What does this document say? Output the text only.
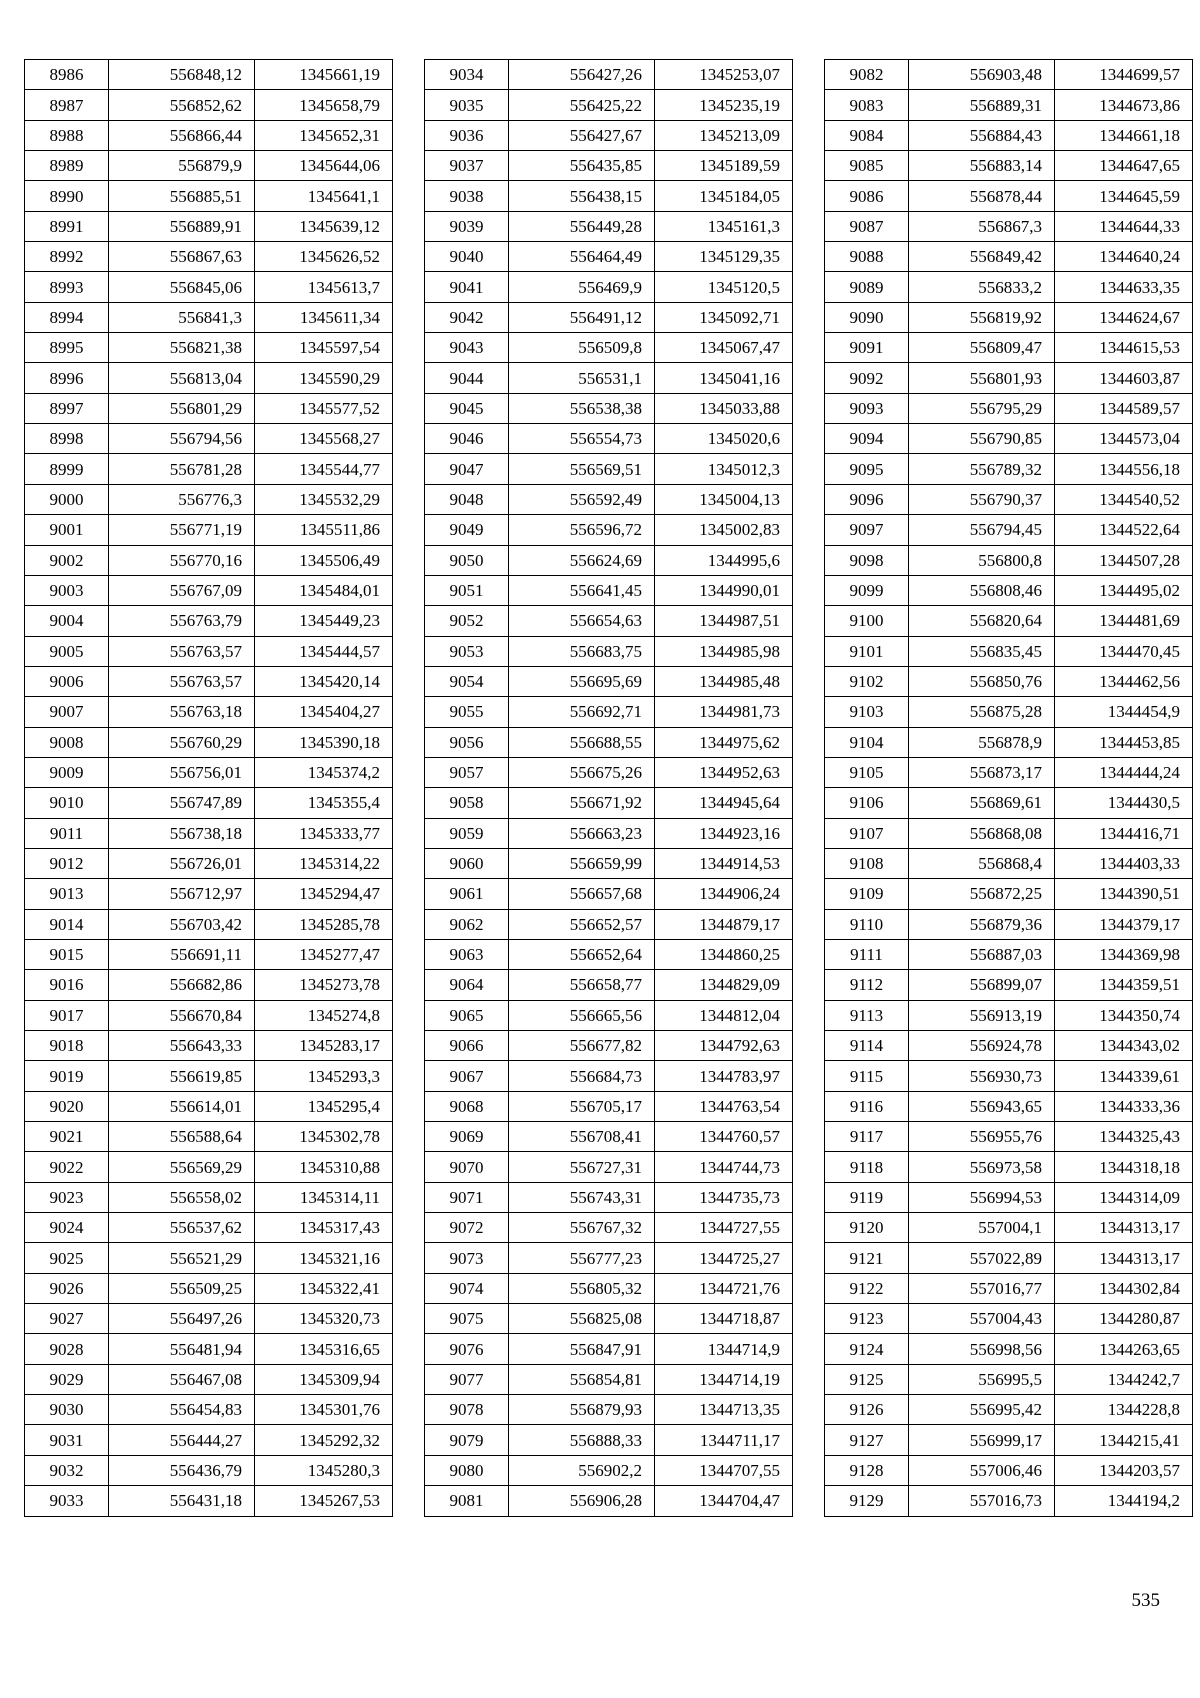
8986	556848,12	1345661,19
8987	556852,62	1345658,79
8988	556866,44	1345652,31
8989	556879,9	1345644,06
8990	556885,51	1345641,1
8991	556889,91	1345639,12
8992	556867,63	1345626,52
8993	556845,06	1345613,7
8994	556841,3	1345611,34
8995	556821,38	1345597,54
8996	556813,04	1345590,29
8997	556801,29	1345577,52
8998	556794,56	1345568,27
8999	556781,28	1345544,77
9000	556776,3	1345532,29
9001	556771,19	1345511,86
9002	556770,16	1345506,49
9003	556767,09	1345484,01
9004	556763,79	1345449,23
9005	556763,57	1345444,57
9006	556763,57	1345420,14
9007	556763,18	1345404,27
9008	556760,29	1345390,18
9009	556756,01	1345374,2
9010	556747,89	1345355,4
9011	556738,18	1345333,77
9012	556726,01	1345314,22
9013	556712,97	1345294,47
9014	556703,42	1345285,78
9015	556691,11	1345277,47
9016	556682,86	1345273,78
9017	556670,84	1345274,8
9018	556643,33	1345283,17
9019	556619,85	1345293,3
9020	556614,01	1345295,4
9021	556588,64	1345302,78
9022	556569,29	1345310,88
9023	556558,02	1345314,11
9024	556537,62	1345317,43
9025	556521,29	1345321,16
9026	556509,25	1345322,41
9027	556497,26	1345320,73
9028	556481,94	1345316,65
9029	556467,08	1345309,94
9030	556454,83	1345301,76
9031	556444,27	1345292,32
9032	556436,79	1345280,3
9033	556431,18	1345267,53
9034	556427,26	1345253,07
9035	556425,22	1345235,19
9036	556427,67	1345213,09
9037	556435,85	1345189,59
9038	556438,15	1345184,05
9039	556449,28	1345161,3
9040	556464,49	1345129,35
9041	556469,9	1345120,5
9042	556491,12	1345092,71
9043	556509,8	1345067,47
9044	556531,1	1345041,16
9045	556538,38	1345033,88
9046	556554,73	1345020,6
9047	556569,51	1345012,3
9048	556592,49	1345004,13
9049	556596,72	1345002,83
9050	556624,69	1344995,6
9051	556641,45	1344990,01
9052	556654,63	1344987,51
9053	556683,75	1344985,98
9054	556695,69	1344985,48
9055	556692,71	1344981,73
9056	556688,55	1344975,62
9057	556675,26	1344952,63
9058	556671,92	1344945,64
9059	556663,23	1344923,16
9060	556659,99	1344914,53
9061	556657,68	1344906,24
9062	556652,57	1344879,17
9063	556652,64	1344860,25
9064	556658,77	1344829,09
9065	556665,56	1344812,04
9066	556677,82	1344792,63
9067	556684,73	1344783,97
9068	556705,17	1344763,54
9069	556708,41	1344760,57
9070	556727,31	1344744,73
9071	556743,31	1344735,73
9072	556767,32	1344727,55
9073	556777,23	1344725,27
9074	556805,32	1344721,76
9075	556825,08	1344718,87
9076	556847,91	1344714,9
9077	556854,81	1344714,19
9078	556879,93	1344713,35
9079	556888,33	1344711,17
9080	556902,2	1344707,55
9081	556906,28	1344704,47
9082	556903,48	1344699,57
9083	556889,31	1344673,86
9084	556884,43	1344661,18
9085	556883,14	1344647,65
9086	556878,44	1344645,59
9087	556867,3	1344644,33
9088	556849,42	1344640,24
9089	556833,2	1344633,35
9090	556819,92	1344624,67
9091	556809,47	1344615,53
9092	556801,93	1344603,87
9093	556795,29	1344589,57
9094	556790,85	1344573,04
9095	556789,32	1344556,18
9096	556790,37	1344540,52
9097	556794,45	1344522,64
9098	556800,8	1344507,28
9099	556808,46	1344495,02
9100	556820,64	1344481,69
9101	556835,45	1344470,45
9102	556850,76	1344462,56
9103	556875,28	1344454,9
9104	556878,9	1344453,85
9105	556873,17	1344444,24
9106	556869,61	1344430,5
9107	556868,08	1344416,71
9108	556868,4	1344403,33
9109	556872,25	1344390,51
9110	556879,36	1344379,17
9111	556887,03	1344369,98
9112	556899,07	1344359,51
9113	556913,19	1344350,74
9114	556924,78	1344343,02
9115	556930,73	1344339,61
9116	556943,65	1344333,36
9117	556955,76	1344325,43
9118	556973,58	1344318,18
9119	556994,53	1344314,09
9120	557004,1	1344313,17
9121	557022,89	1344313,17
9122	557016,77	1344302,84
9123	557004,43	1344280,87
9124	556998,56	1344263,65
9125	556995,5	1344242,7
9126	556995,42	1344228,8
9127	556999,17	1344215,41
9128	557006,46	1344203,57
9129	557016,73	1344194,2
535
